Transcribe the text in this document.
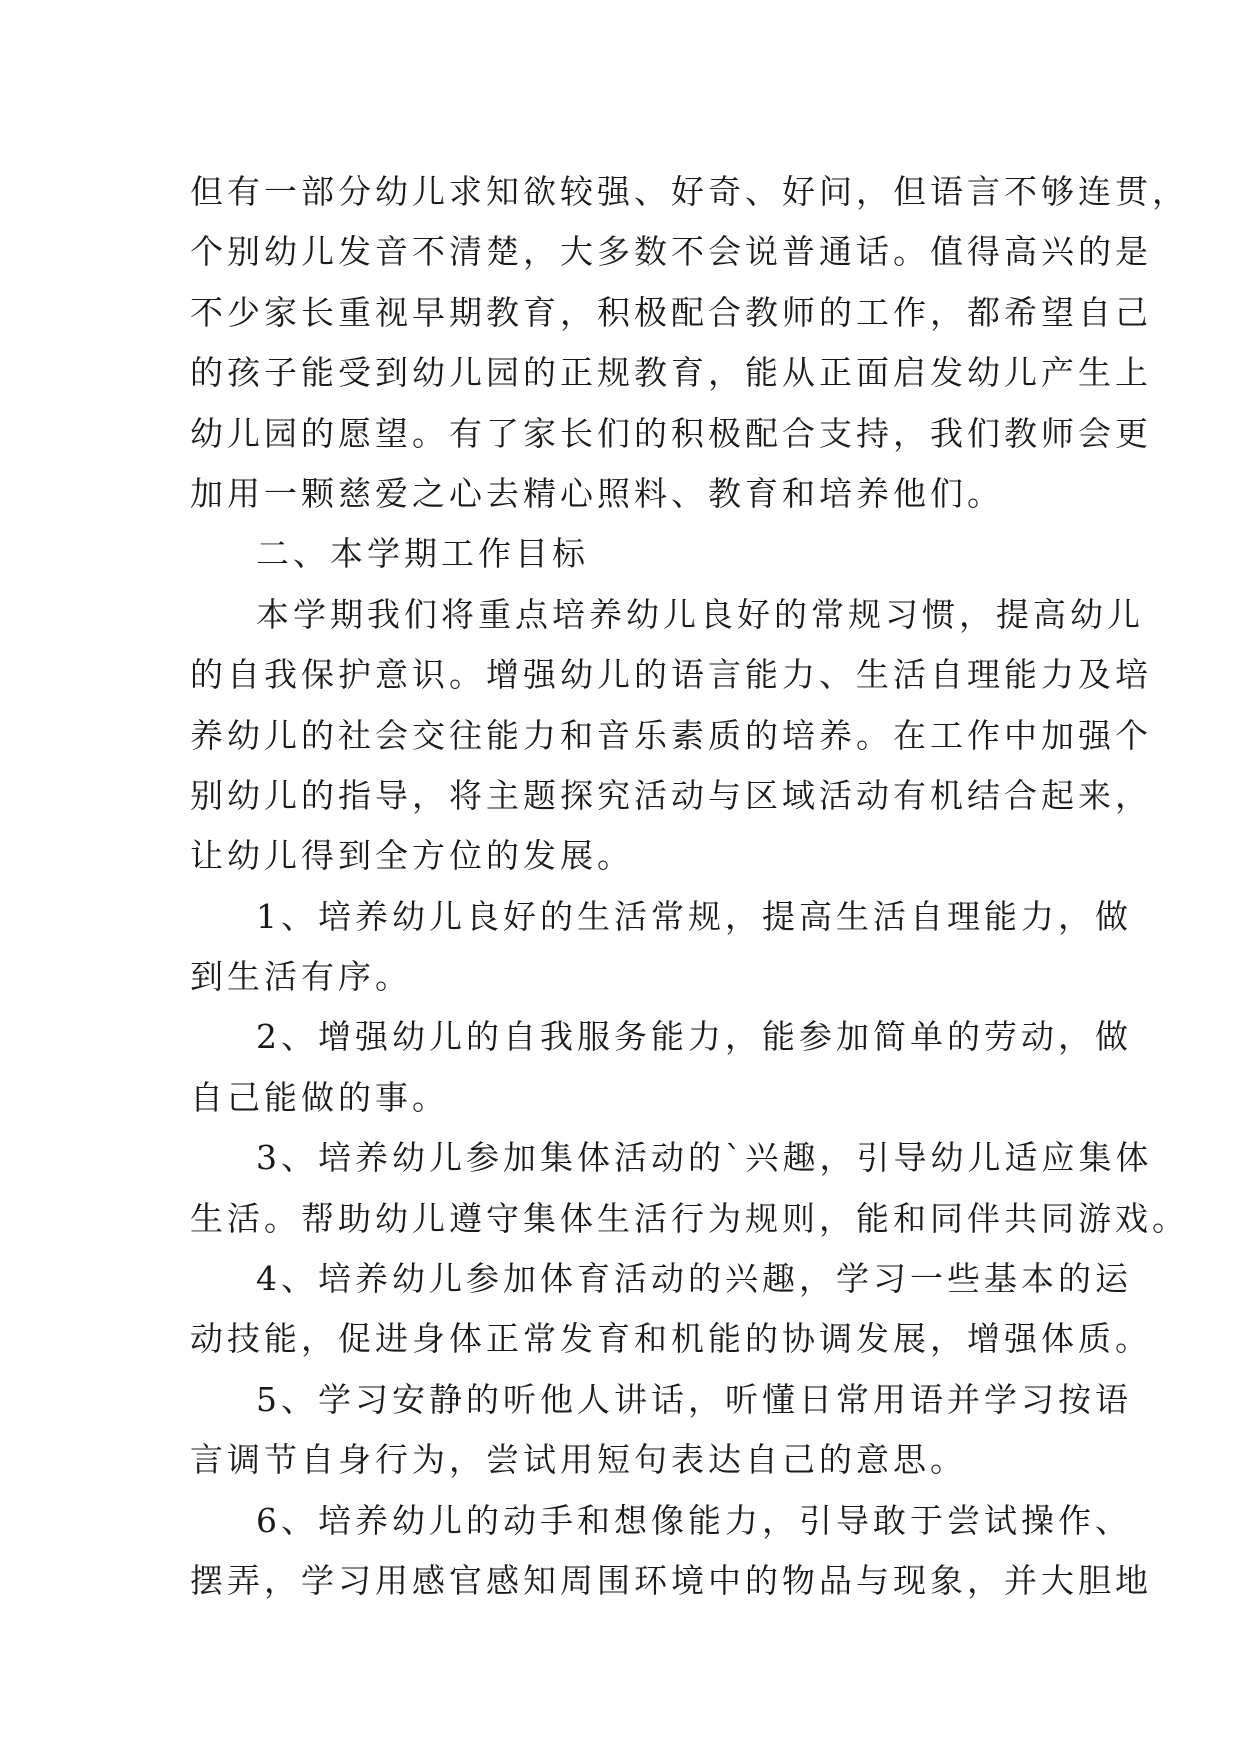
但有一部分幼儿求知欲较强、好奇、好问，但语言不够连贯，
个别幼儿发音不清楚，大多数不会说普通话。值得高兴的是
不少家长重视早期教育，积极配合教师的工作，都希望自己
的孩子能受到幼儿园的正规教育，能从正面启发幼儿产生上
幼儿园的愿望。有了家长们的积极配合支持，我们教师会更
加用一颗慈爱之心去精心照料、教育和培养他们。
二、本学期工作目标
本学期我们将重点培养幼儿良好的常规习惯，提高幼儿
的自我保护意识。增强幼儿的语言能力、生活自理能力及培
养幼儿的社会交往能力和音乐素质的培养。在工作中加强个
别幼儿的指导，将主题探究活动与区域活动有机结合起来，
让幼儿得到全方位的发展。
1、培养幼儿良好的生活常规，提高生活自理能力，做
到生活有序。
2、增强幼儿的自我服务能力，能参加简单的劳动，做
自己能做的事。
3、培养幼儿参加集体活动的`兴趣，引导幼儿适应集体
生活。帮助幼儿遵守集体生活行为规则，能和同伴共同游戏。
4、培养幼儿参加体育活动的兴趣，学习一些基本的运
动技能，促进身体正常发育和机能的协调发展，增强体质。
5、学习安静的听他人讲话，听懂日常用语并学习按语
言调节自身行为，尝试用短句表达自己的意思。
6、培养幼儿的动手和想像能力，引导敢于尝试操作、
摆弄，学习用感官感知周围环境中的物品与现象，并大胆地
